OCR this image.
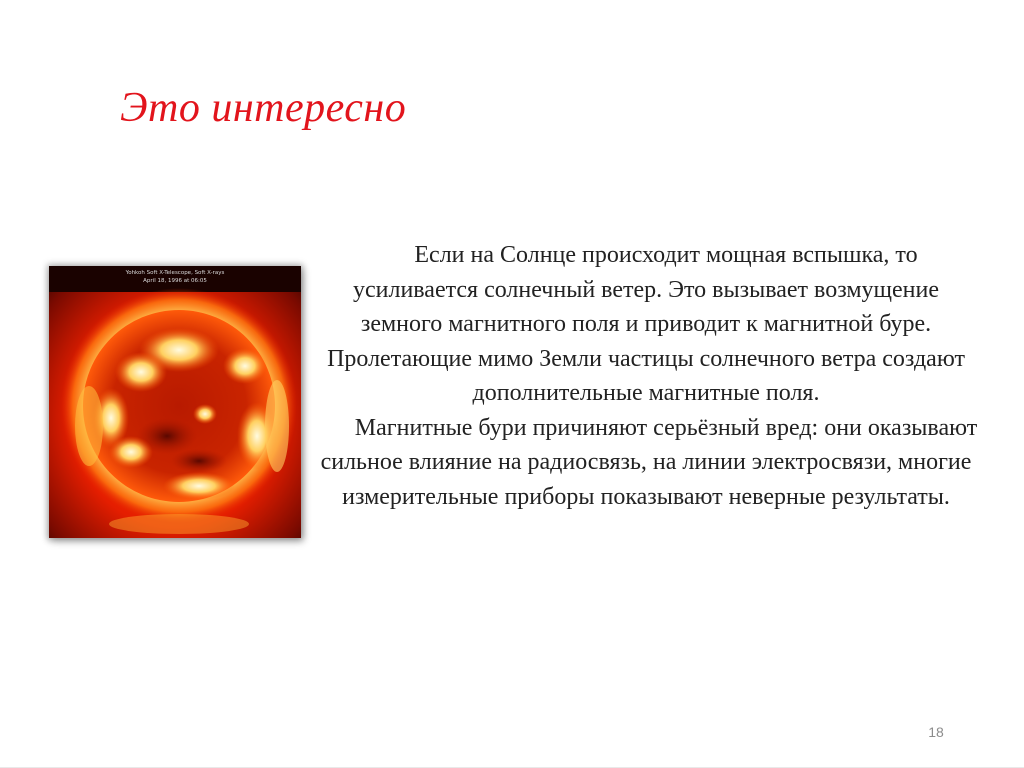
Это интересно
Yohkoh Soft X-Telescope, Soft X-rays
April 18, 1996 at 06:05

Если на Солнце происходит мощная вспышка, то усиливается солнечный ветер. Это вызывает возмущение земного магнитного поля и приводит к магнитной буре. Пролетающие мимо Земли частицы солнечного ветра создают дополнительные магнитные поля.

Магнитные бури причиняют серьёзный вред: они оказывают сильное влияние на радиосвязь, на линии электросвязи, многие измерительные приборы показывают неверные результаты.

18
